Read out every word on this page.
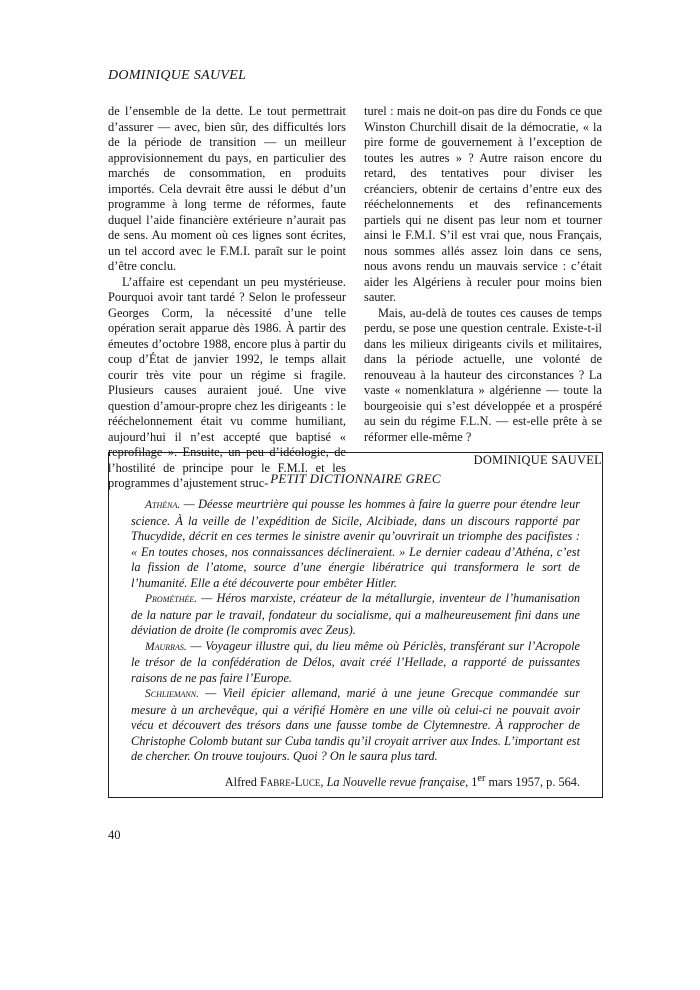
DOMINIQUE SAUVEL

de l’ensemble de la dette. Le tout permettrait d’assurer — avec, bien sûr, des difficultés lors de la période de transition — un meilleur approvisionnement du pays, en particulier des marchés de consommation, en produits importés. Cela devrait être aussi le début d’un programme à long terme de réformes, faute duquel l’aide financière extérieure n’aurait pas de sens. Au moment où ces lignes sont écrites, un tel accord avec le F.M.I. paraît sur le point d’être conclu.

L’affaire est cependant un peu mystérieuse. Pourquoi avoir tant tardé ? Selon le professeur Georges Corm, la nécessité d’une telle opération serait apparue dès 1986. À partir des émeutes d’octobre 1988, encore plus à partir du coup d’État de janvier 1992, le temps allait courir très vite pour un régime si fragile. Plusieurs causes auraient joué. Une vive question d’amour-propre chez les dirigeants : le rééchelonnement était vu comme humiliant, aujourd’hui il n’est accepté que baptisé « reprofilage ». Ensuite, un peu d’idéologie, de l’hostilité de principe pour le F.M.I. et les programmes d’ajustement struc-

turel : mais ne doit-on pas dire du Fonds ce que Winston Churchill disait de la démocratie, « la pire forme de gouvernement à l’exception de toutes les autres » ? Autre raison encore du retard, des tentatives pour diviser les créanciers, obtenir de certains d’entre eux des rééchelonnements et des refinancements partiels qui ne disent pas leur nom et tourner ainsi le F.M.I. S’il est vrai que, nous Français, nous sommes allés assez loin dans ce sens, nous avons rendu un mauvais service : c’était aider les Algériens à reculer pour moins bien sauter.

Mais, au-delà de toutes ces causes de temps perdu, se pose une question centrale. Existe-t-il dans les milieux dirigeants civils et militaires, dans la période actuelle, une volonté de renouveau à la hauteur des circonstances ? La vaste « nomenklatura » algérienne — toute la bourgeoisie qui s’est développée et a prospéré au sein du régime F.L.N. — est-elle prête à se réformer elle-même ?

DOMINIQUE SAUVEL

PETIT DICTIONNAIRE GREC

Athéna. — Déesse meurtrière qui pousse les hommes à faire la guerre pour étendre leur science. À la veille de l’expédition de Sicile, Alcibiade, dans un discours rapporté par Thucydide, décrit en ces termes le sinistre avenir qu’ouvrirait un triomphe des pacifistes : « En toutes choses, nos connaissances déclineraient. » Le dernier cadeau d’Athéna, c’est la fission de l’atome, source d’une énergie libératrice qui transformera le sort de l’humanité. Elle a été découverte pour embêter Hitler.

Prométhée. — Héros marxiste, créateur de la métallurgie, inventeur de l’humanisation de la nature par le travail, fondateur du socialisme, qui a malheureusement fini dans une déviation de droite (le compromis avec Zeus).

Maurras. — Voyageur illustre qui, du lieu même où Périclès, transférant sur l’Acropole le trésor de la confédération de Délos, avait créé l’Hellade, a rapporté de puissantes raisons de ne pas faire l’Europe.

Schliemann. — Vieil épicier allemand, marié à une jeune Grecque commandée sur mesure à un archevêque, qui a vérifié Homère en une ville où celui-ci ne pouvait avoir vécu et découvert des trésors dans une fausse tombe de Clytemnestre. À rapprocher de Christophe Colomb butant sur Cuba tandis qu’il croyait arriver aux Indes. L’important est de chercher. On trouve toujours. Quoi ? On le saura plus tard.

Alfred Fabre-Luce, La Nouvelle revue française, 1er mars 1957, p. 564.

40
